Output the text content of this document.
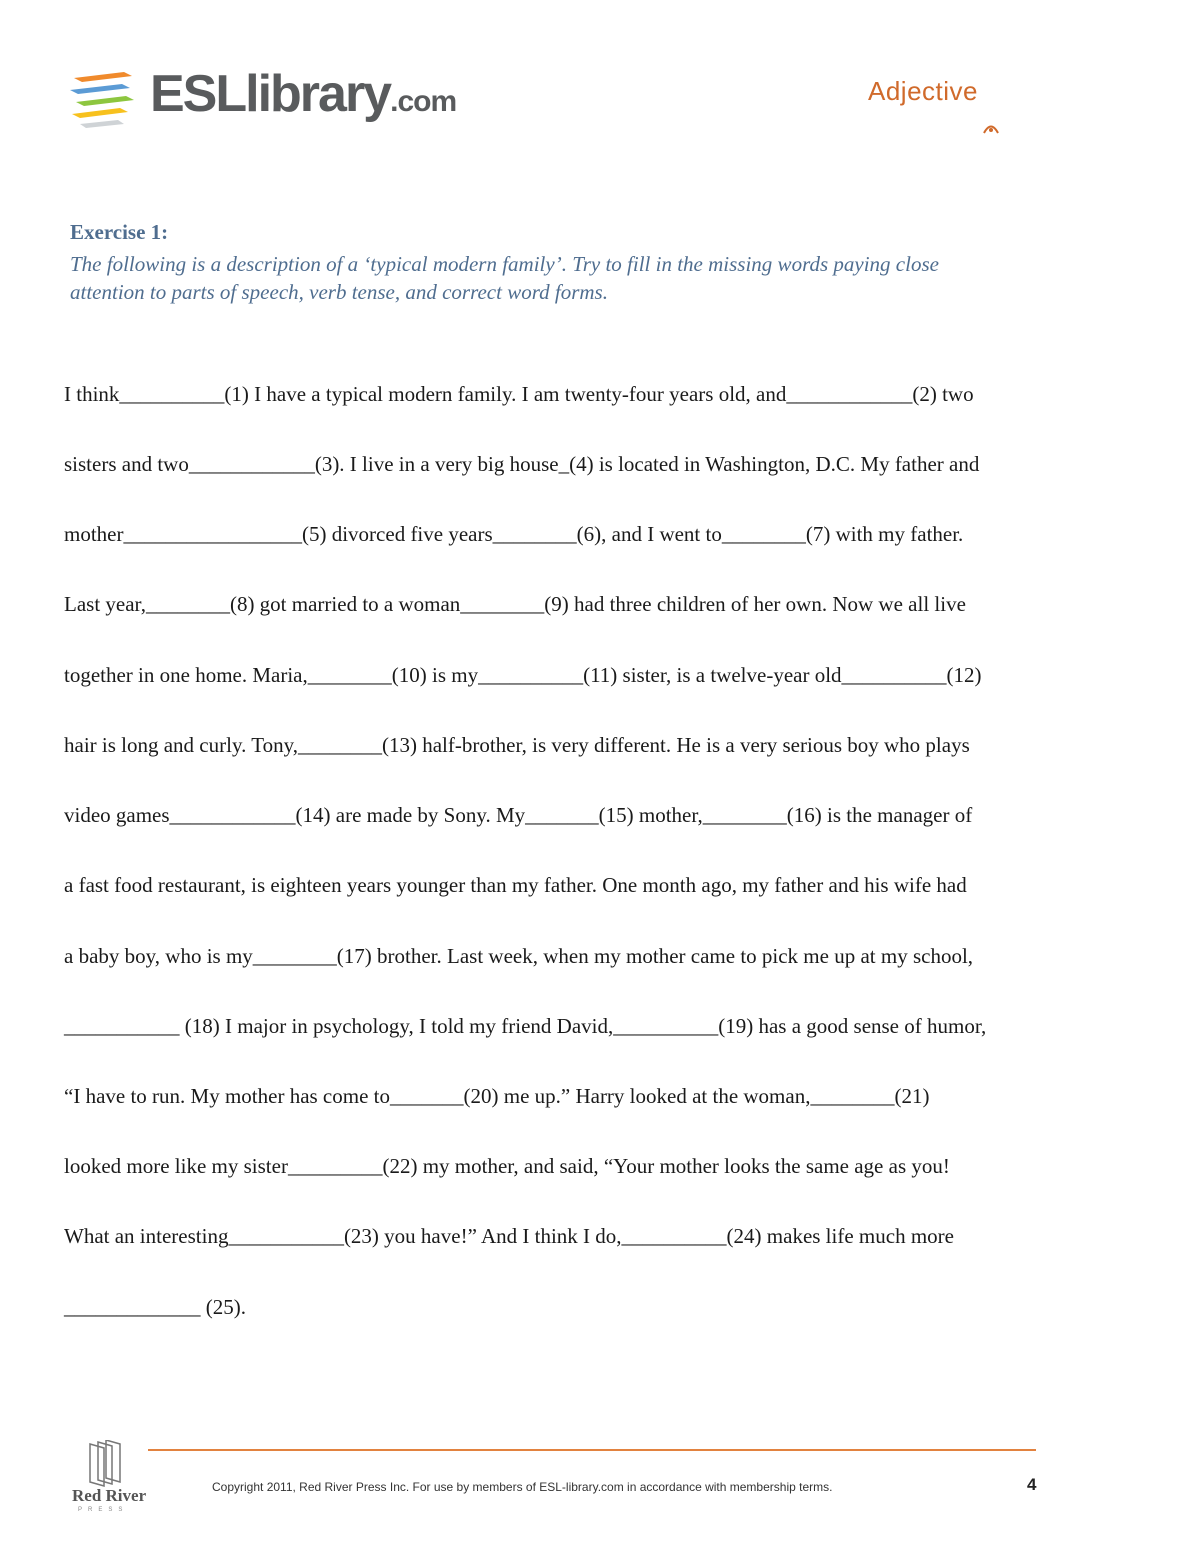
ESLlibrary.com	Adjective
Exercise 1:
The following is a description of a ‘typical modern family’. Try to fill in the missing words paying close
attention to parts of speech, verb tense, and correct word forms.
I think__________(1) I have a typical modern family. I am twenty-four years old, and____________(2) two
sisters and two____________(3). I live in a very big house_(4) is located in Washington, D.C. My father and
mother_________________(5) divorced five years________(6), and I went to________(7) with my father.
Last year,________(8) got married to a woman________(9) had three children of her own. Now we all live
together in one home. Maria,________(10) is my__________(11) sister, is a twelve-year old__________(12)
hair is long and curly. Tony,________(13) half-brother, is very different. He is a very serious boy who plays
video games____________(14) are made by Sony. My_______(15) mother,________(16) is the manager of
a fast food restaurant, is eighteen years younger than my father. One month ago, my father and his wife had
a baby boy, who is my________(17) brother. Last week, when my mother came to pick me up at my school,
___________ (18) I major in psychology, I told my friend David,__________(19) has a good sense of humor,
“I have to run. My mother has come to_______(20) me up.” Harry looked at the woman,________(21)
looked more like my sister_________(22) my mother, and said, “Your mother looks the same age as you!
What an interesting___________(23) you have!” And I think I do,__________(24) makes life much more
_____________ (25).
Red River
PRESS
Copyright 2011, Red River Press Inc. For use by members of ESL-library.com in accordance with membership terms.	4
